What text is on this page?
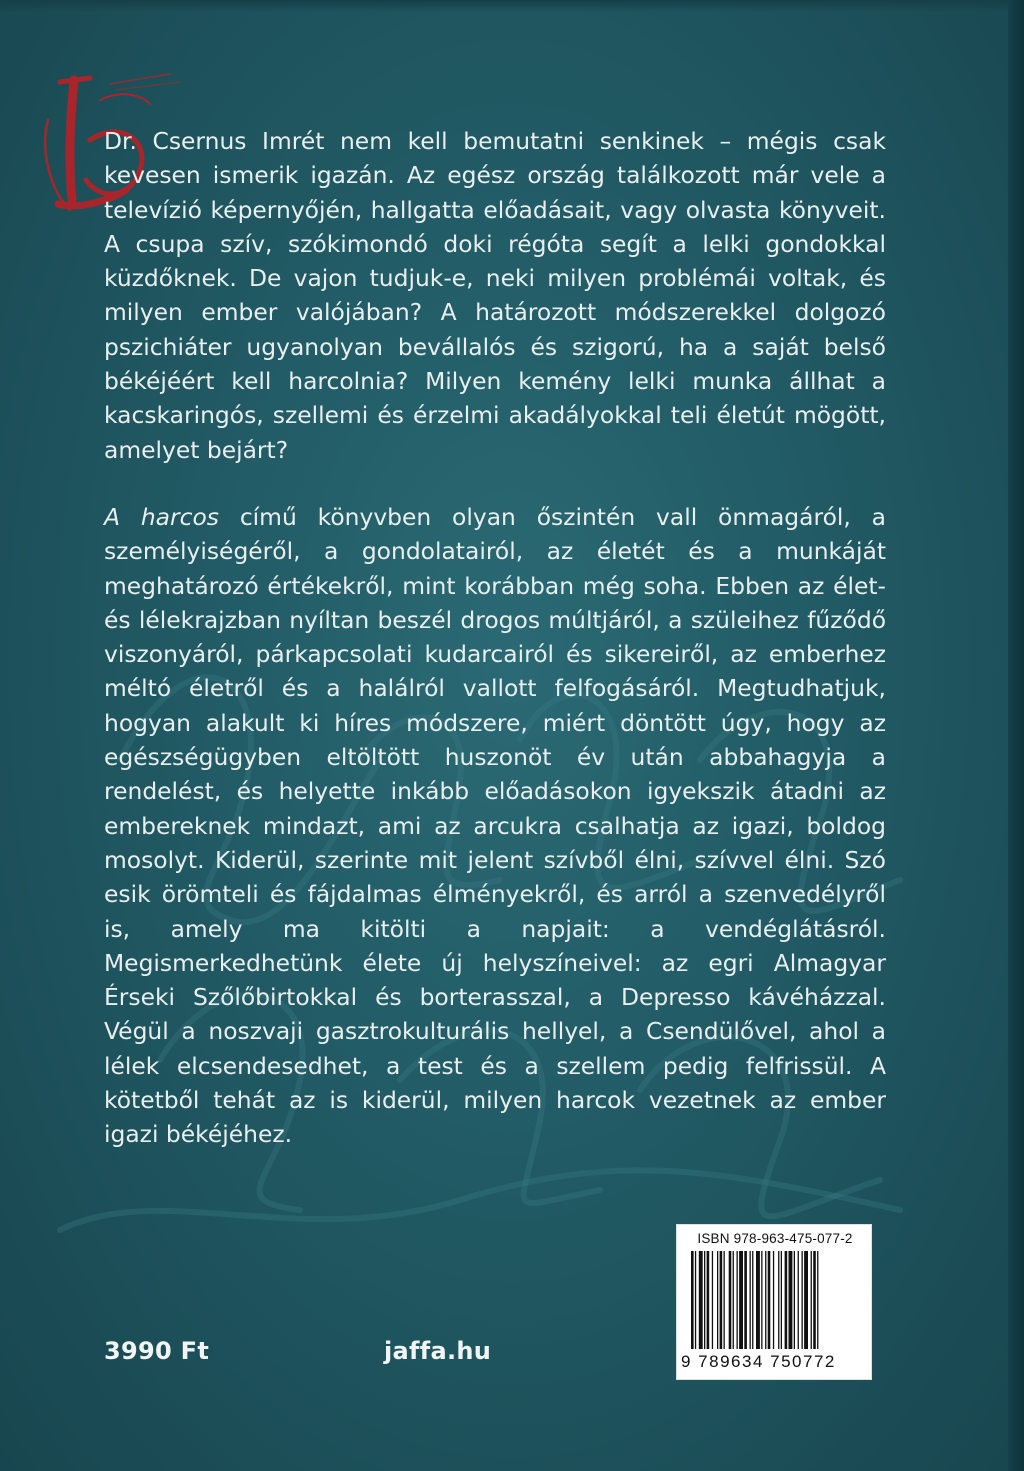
Dr. Csernus Imrét nem kell bemutatni senkinek – mégis csak kevesen ismerik igazán. Az egész ország találkozott már vele a televízió képernyőjén, hallgatta előadásait, vagy olvasta könyveit. A csupa szív, szókimondó doki régóta segít a lelki gondokkal küzdőknek. De vajon tudjuk-e, neki milyen problémái voltak, és milyen ember valójában? A határozott módszerekkel dolgozó pszichiáter ugyanolyan bevállalós és szigorú, ha a saját belső békéjéért kell harcolnia? Milyen kemény lelki munka állhat a kacskaringós, szellemi és érzelmi akadályokkal teli életút mögött, amelyet bejárt?

A harcos című könyvben olyan őszintén vall önmagáról, a személyiségéről, a gondolatairól, az életét és a munkáját meghatározó értékekről, mint korábban még soha. Ebben az élet- és lélekrajzban nyíltan beszél drogos múltjáról, a szüleihez fűződő viszonyáról, párkapcsolati kudarcairól és sikereiről, az emberhez méltó életről és a halálról vallott felfogásáról. Megtudhatjuk, hogyan alakult ki híres módszere, miért döntött úgy, hogy az egészségügyben eltöltött huszonöt év után abbahagyja a rendelést, és helyette inkább előadásokon igyekszik átadni az embereknek mindazt, ami az arcukra csalhatja az igazi, boldog mosolyt. Kiderül, szerinte mit jelent szívből élni, szívvel élni. Szó esik örömteli és fájdalmas élményekről, és arról a szenvedélyről is, amely ma kitölti a napjait: a vendéglátásról. Megismerkedhetünk élete új helyszíneivel: az egri Almagyar Érseki Szőlőbirtokkal és borterasszal, a Depresso kávéházzal. Végül a noszvaji gasztrokulturális hellyel, a Csendülővel, ahol a lélek elcsendesedhet, a test és a szellem pedig felfrissül. A kötetből tehát az is kiderül, milyen harcok vezetnek az ember igazi békéjéhez.

3990 Ft	jaffa.hu
ISBN 978-963-475-077-2
9 789634 750772
